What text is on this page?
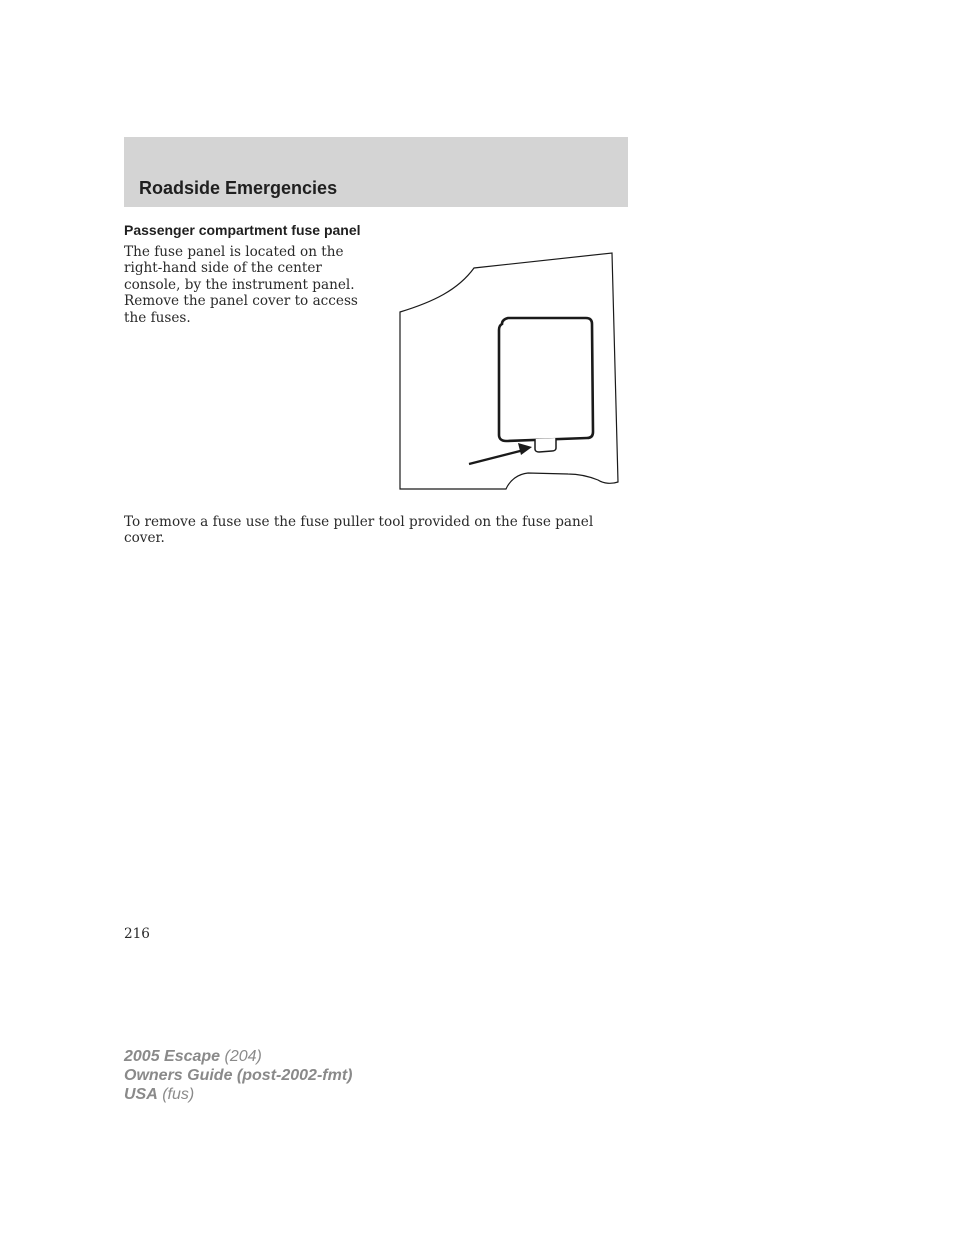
Roadside Emergencies
Passenger compartment fuse panel

The fuse panel is located on the
right-hand side of the center
console, by the instrument panel.
Remove the panel cover to access
the fuses.

To remove a fuse use the fuse puller tool provided on the fuse panel
cover.

216

2005 Escape (204)
Owners Guide (post-2002-fmt)
USA (fus)
